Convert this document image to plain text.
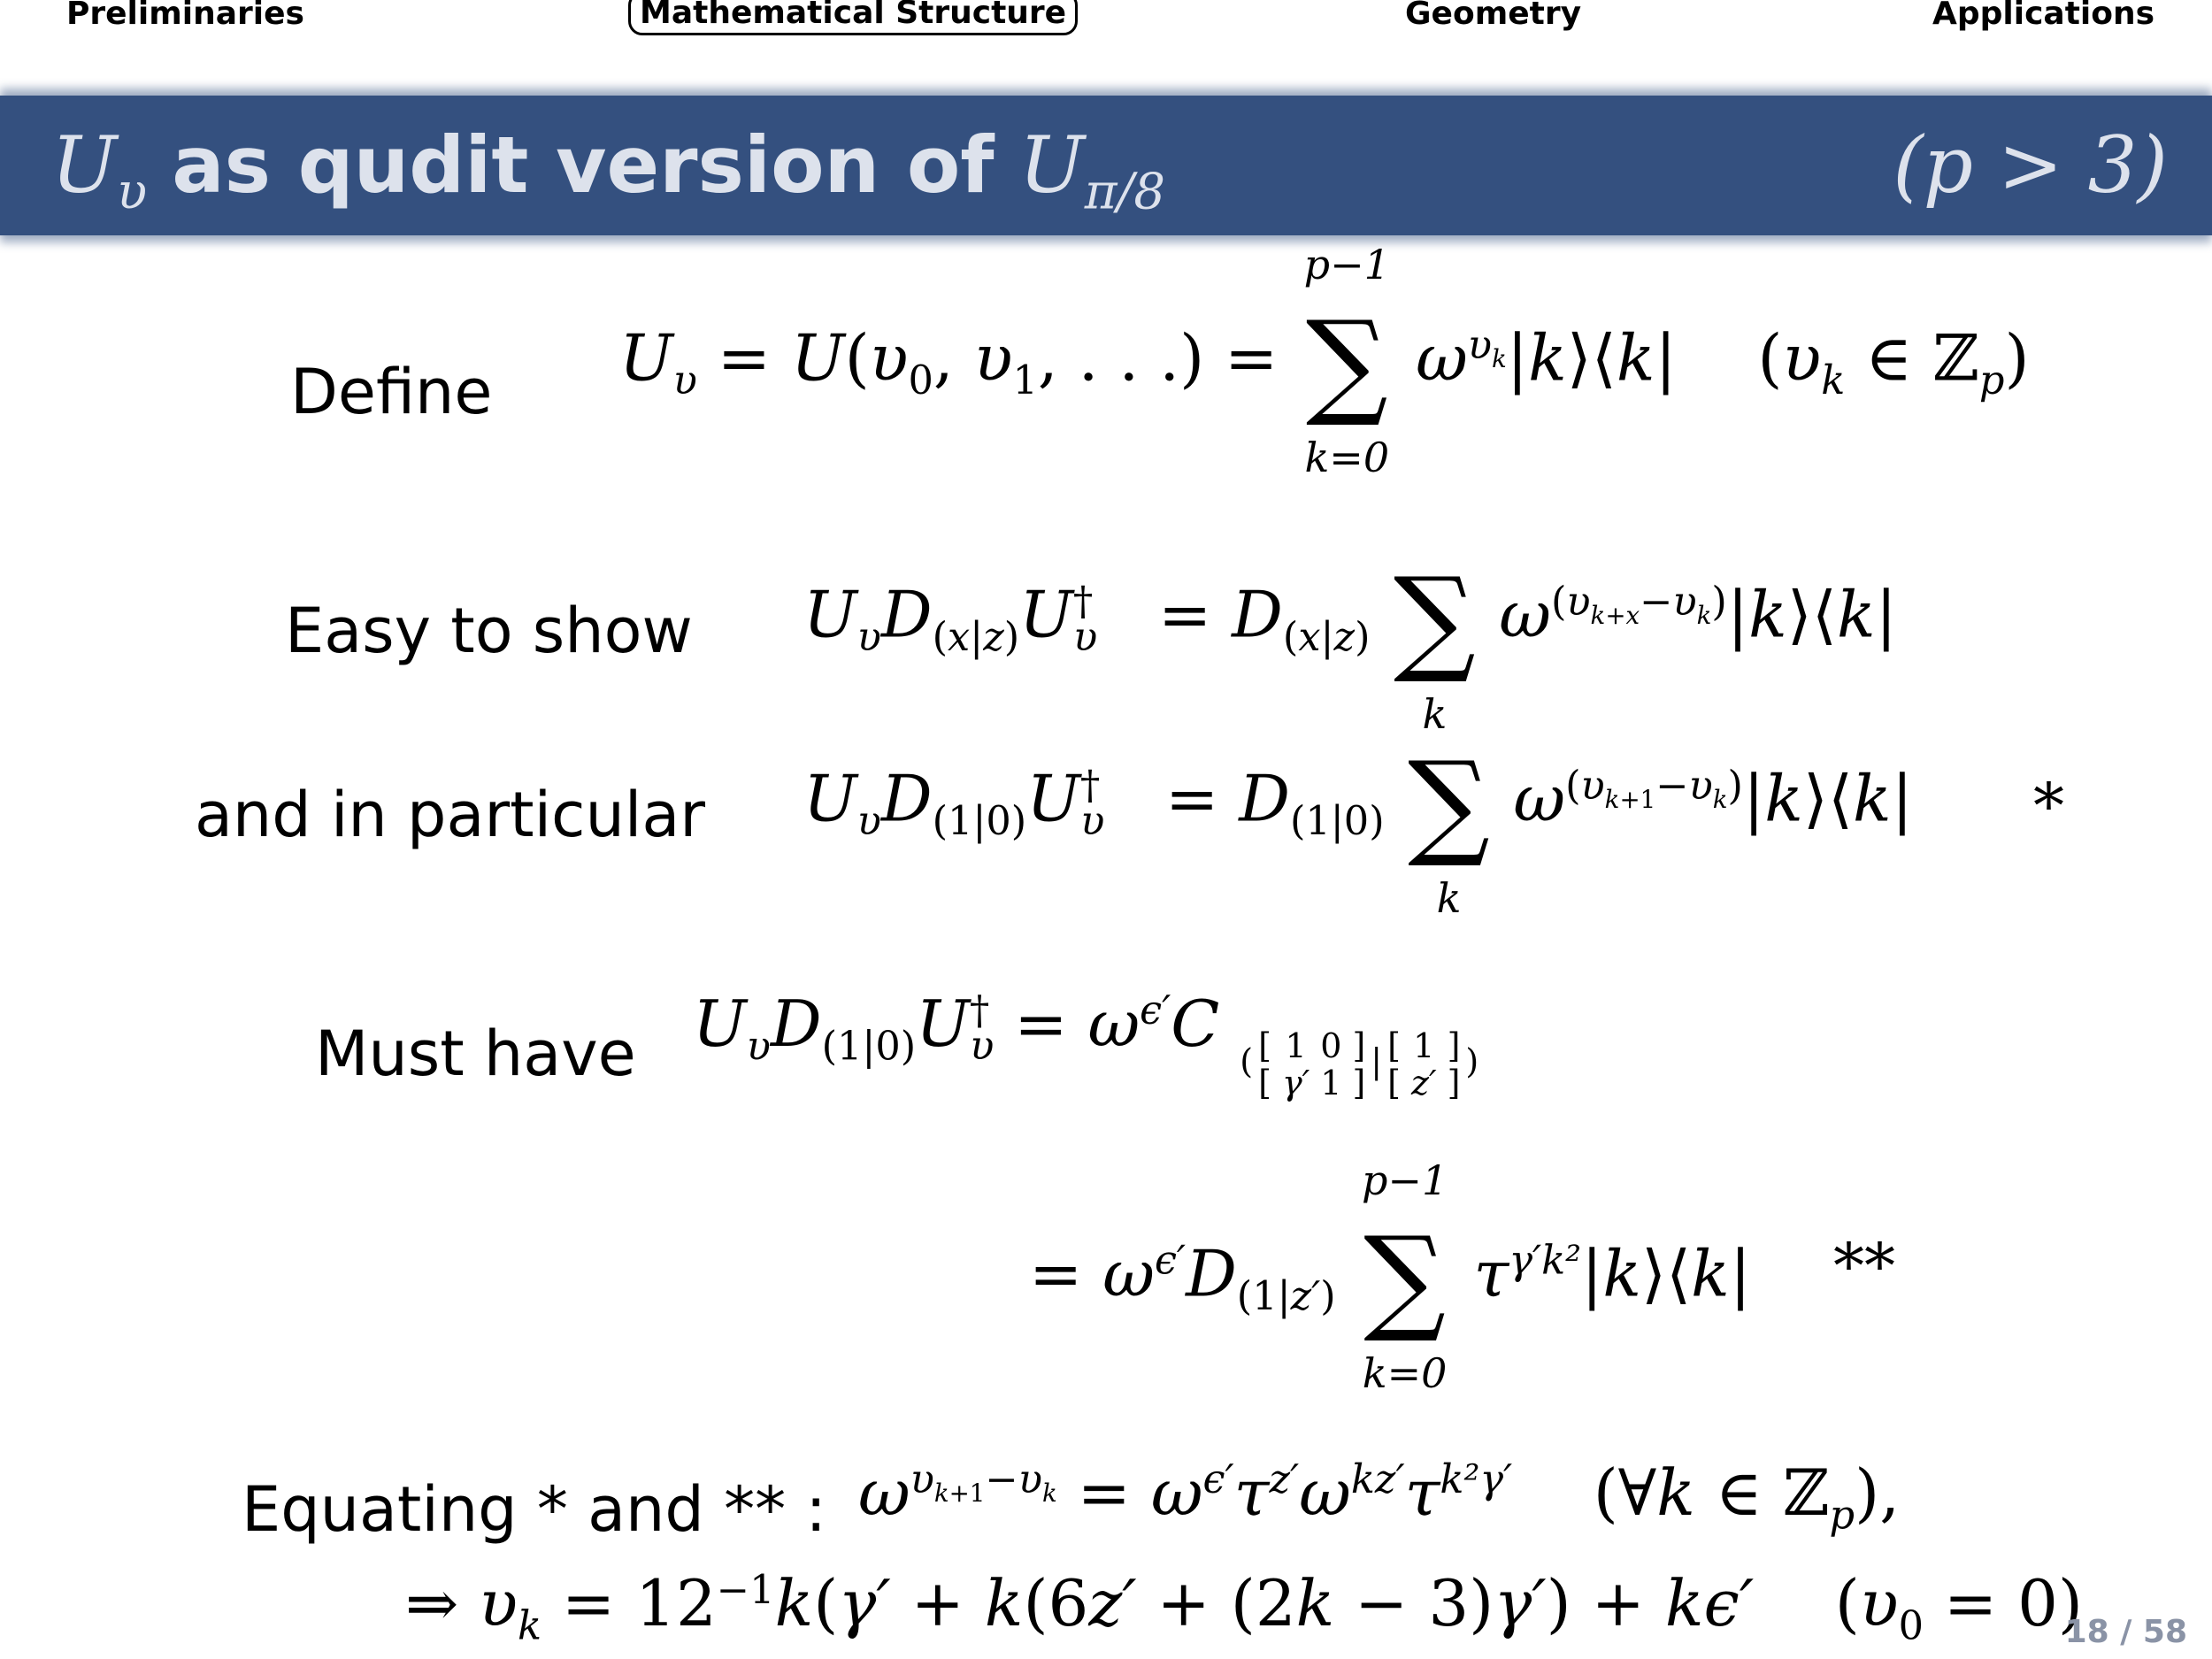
Preliminaries	Mathematical Structure	Geometry	Applications
$U_\upsilon$ as qudit version of $U_{\pi/8}$	(p > 3)
Define $U_\upsilon = U(\upsilon_0$, $\upsilon_1$, . . .) =
p−1
∑
k=0
$\omega^{\upsilon_k}|k⟩⟨k|$    ($\upsilon_k$ ∈ ℤ$_p$)
Easy to show $U_\upsilon D_{(x|z)}U^\dagger_\upsilon = D_{(x|z)}$ ∑
k
$\omega^{(\upsilon_{k+x}-\upsilon_k)}|k⟩⟨k|$
and in particular $U_\upsilon D_{(1|0)}U^\dagger_\upsilon = D_{(1|0)}$ ∑
k
$\omega^{(\upsilon_{k+1}-\upsilon_k)}|k⟩⟨k|$ *
Must have $U_\upsilon D_{(1|0)}U^\dagger_\upsilon = \omega^{\epsilon'}C$ ( [	1	0	]
[	γ′	1	]| [	1	]
[	z′	])
= $\omega^{\epsilon'}D_{(1|z')}$
p−1
∑
k=0
$\tau^{\gamma'k^2}|k⟩⟨k|$ **
Equating * and ** : $\omega^{\upsilon_{k+1}-\upsilon_k} = \omega^{\epsilon'}\tau^{z'}\omega^{kz'}\tau^{k^2\gamma'}$    (∀k ∈ ℤ$_p$),
⇒ $\upsilon_k = 12^{-1}k(\gamma' + k(6z' + (2k - 3)\gamma') + k\epsilon'$    $(\upsilon_0 = 0)$
18 / 58
